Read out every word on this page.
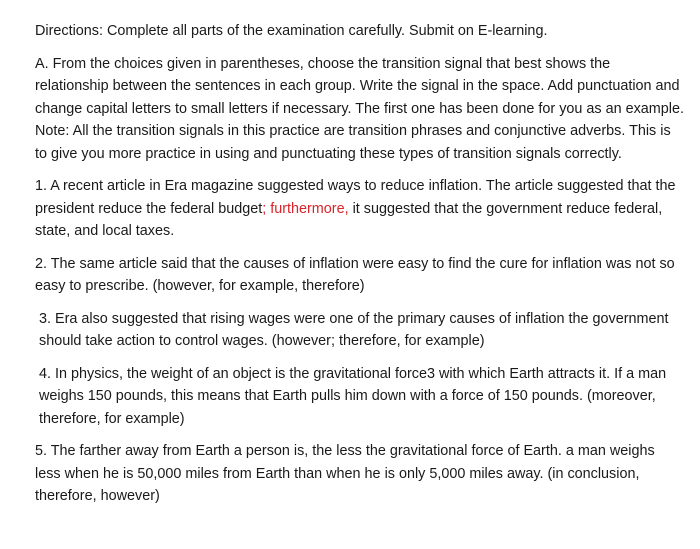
Directions: Complete all parts of the examination carefully. Submit on E-learning.

A. From the choices given in parentheses, choose the transition signal that best shows the relationship between the sentences in each group. Write the signal in the space. Add punctuation and change capital letters to small letters if necessary. The first one has been done for you as an example. Note: All the transition signals in this practice are transition phrases and conjunctive adverbs. This is to give you more practice in using and punctuating these types of transition signals correctly.

1. A recent article in Era magazine suggested ways to reduce inflation. The article suggested that the president reduce the federal budget; furthermore, it suggested that the government reduce federal, state, and local taxes.

2. The same article said that the causes of inflation were easy to find the cure for inflation was not so easy to prescribe. (however, for example, therefore)

3. Era also suggested that rising wages were one of the primary causes of inflation the government should take action to control wages. (however; therefore, for example)

4. In physics, the weight of an object is the gravitational force3 with which Earth attracts it. If a man weighs 150 pounds, this means that Earth pulls him down with a force of 150 pounds. (moreover, therefore, for example)

5. The farther away from Earth a person is, the less the gravitational force of Earth. a man weighs less when he is 50,000 miles from Earth than when he is only 5,000 miles away. (in conclusion, therefore, however)
